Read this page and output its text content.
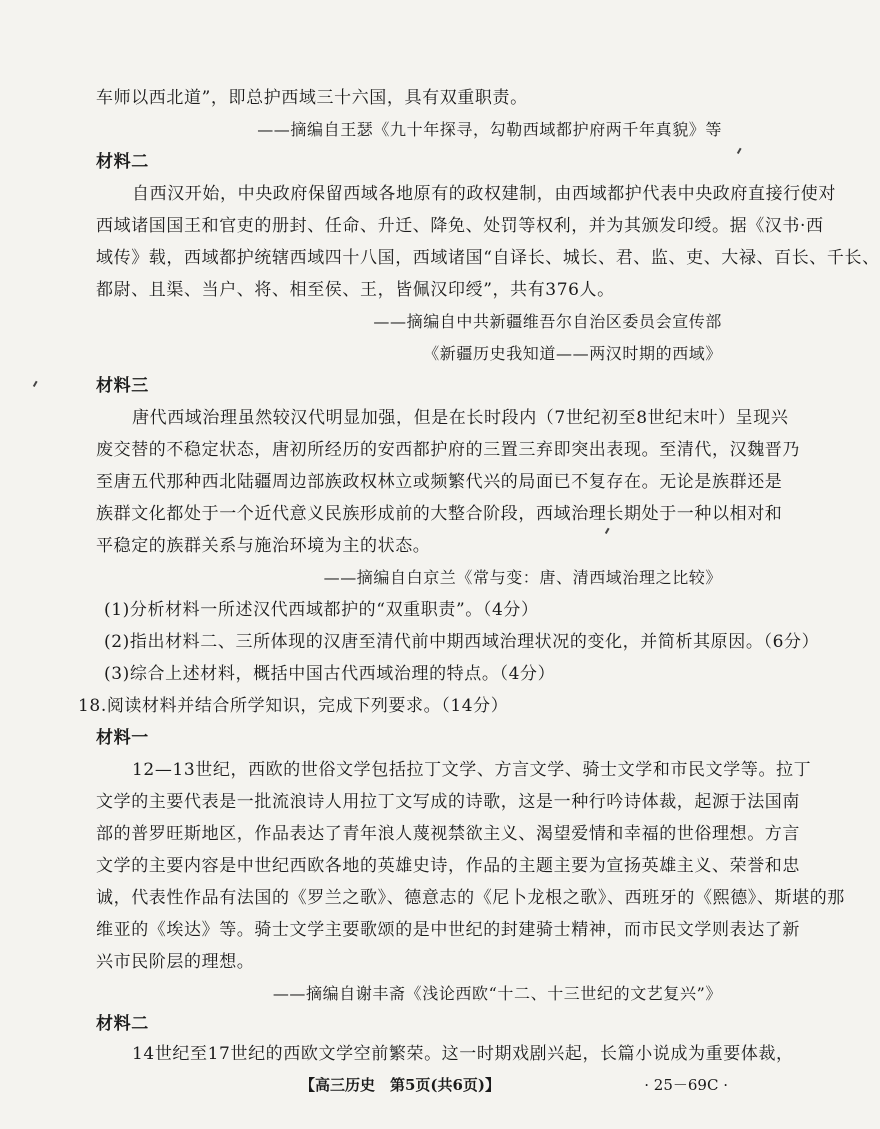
车师以西北道”，即总护西域三十六国，具有双重职责。
——摘编自王瑟《九十年探寻，勾勒西域都护府两千年真貌》等
材料二
自西汉开始，中央政府保留西域各地原有的政权建制，由西域都护代表中央政府直接行使对
西域诸国国王和官吏的册封、任命、升迁、降免、处罚等权利，并为其颁发印绶。据《汉书·西
域传》载，西域都护统辖西域四十八国，西域诸国“自译长、城长、君、监、吏、大禄、百长、千长、
都尉、且渠、当户、将、相至侯、王，皆佩汉印绶”，共有376人。
——摘编自中共新疆维吾尔自治区委员会宣传部
《新疆历史我知道——两汉时期的西域》
材料三
唐代西域治理虽然较汉代明显加强，但是在长时段内（7世纪初至8世纪末叶）呈现兴
废交替的不稳定状态，唐初所经历的安西都护府的三置三弃即突出表现。至清代，汉魏晋乃
至唐五代那种西北陆疆周边部族政权林立或频繁代兴的局面已不复存在。无论是族群还是
族群文化都处于一个近代意义民族形成前的大整合阶段，西域治理长期处于一种以相对和
平稳定的族群关系与施治环境为主的状态。
——摘编自白京兰《常与变：唐、清西域治理之比较》
(1)分析材料一所述汉代西域都护的“双重职责”。（4分）
(2)指出材料二、三所体现的汉唐至清代前中期西域治理状况的变化，并简析其原因。（6分）
(3)综合上述材料，概括中国古代西域治理的特点。（4分）
18.阅读材料并结合所学知识，完成下列要求。（14分）
材料一
12—13世纪，西欧的世俗文学包括拉丁文学、方言文学、骑士文学和市民文学等。拉丁
文学的主要代表是一批流浪诗人用拉丁文写成的诗歌，这是一种行吟诗体裁，起源于法国南
部的普罗旺斯地区，作品表达了青年浪人蔑视禁欲主义、渴望爱情和幸福的世俗理想。方言
文学的主要内容是中世纪西欧各地的英雄史诗，作品的主题主要为宣扬英雄主义、荣誉和忠
诚，代表性作品有法国的《罗兰之歌》、德意志的《尼卜龙根之歌》、西班牙的《熙德》、斯堪的那
维亚的《埃达》等。骑士文学主要歌颂的是中世纪的封建骑士精神，而市民文学则表达了新
兴市民阶层的理想。
——摘编自谢丰斋《浅论西欧“十二、十三世纪的文艺复兴”》
材料二
14世纪至17世纪的西欧文学空前繁荣。这一时期戏剧兴起，长篇小说成为重要体裁，
【高三历史　第5页(共6页)】	· 25－69C ·
